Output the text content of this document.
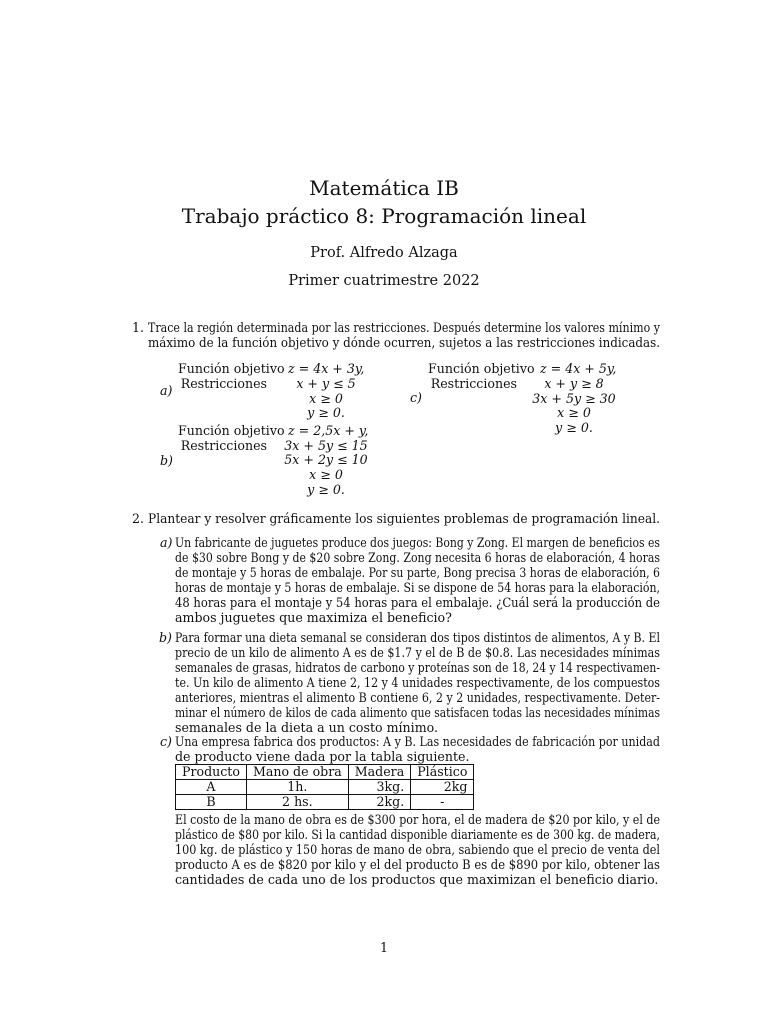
Matemática IB
Trabajo práctico 8: Programación lineal
Prof. Alfredo Alzaga
Primer cuatrimestre 2022
1. Trace la región determinada por las restricciones. Después determine los valores mínimo y
máximo de la función objetivo y dónde ocurren, sujetos a las restricciones indicadas.
a)
Función objetivo
Restricciones
z = 4x + 3y,
x + y ≤ 5
x ≥ 0
y ≥ 0.
b)
Función objetivo
Restricciones
z = 2,5x + y,
3x + 5y ≤ 15
5x + 2y ≤ 10
x ≥ 0
y ≥ 0.
c)
Función objetivo
Restricciones
z = 4x + 5y,
x + y ≥ 8
3x + 5y ≥ 30
x ≥ 0
y ≥ 0.
2. Plantear y resolver gráficamente los siguientes problemas de programación lineal.
a) Un fabricante de juguetes produce dos juegos: Bong y Zong. El margen de beneficios es
de $30 sobre Bong y de $20 sobre Zong. Zong necesita 6 horas de elaboración, 4 horas
de montaje y 5 horas de embalaje. Por su parte, Bong precisa 3 horas de elaboración, 6
horas de montaje y 5 horas de embalaje. Si se dispone de 54 horas para la elaboración,
48 horas para el montaje y 54 horas para el embalaje. ¿Cuál será la producción de
ambos juguetes que maximiza el beneficio?
b) Para formar una dieta semanal se consideran dos tipos distintos de alimentos, A y B. El
precio de un kilo de alimento A es de $1.7 y el de B de $0.8. Las necesidades mínimas
semanales de grasas, hidratos de carbono y proteínas son de 18, 24 y 14 respectivamen-
te. Un kilo de alimento A tiene 2, 12 y 4 unidades respectivamente, de los compuestos
anteriores, mientras el alimento B contiene 6, 2 y 2 unidades, respectivamente. Deter-
minar el número de kilos de cada alimento que satisfacen todas las necesidades mínimas
semanales de la dieta a un costo mínimo.
c) Una empresa fabrica dos productos: A y B. Las necesidades de fabricación por unidad
de producto viene dada por la tabla siguiente.
Producto	Mano de obra	Madera	Plástico
A	1h.	3kg.	2kg
B	2 hs.	2kg.	-
El costo de la mano de obra es de $300 por hora, el de madera de $20 por kilo, y el de
plástico de $80 por kilo. Si la cantidad disponible diariamente es de 300 kg. de madera,
100 kg. de plástico y 150 horas de mano de obra, sabiendo que el precio de venta del
producto A es de $820 por kilo y el del producto B es de $890 por kilo, obtener las
cantidades de cada uno de los productos que maximizan el beneficio diario.
1
